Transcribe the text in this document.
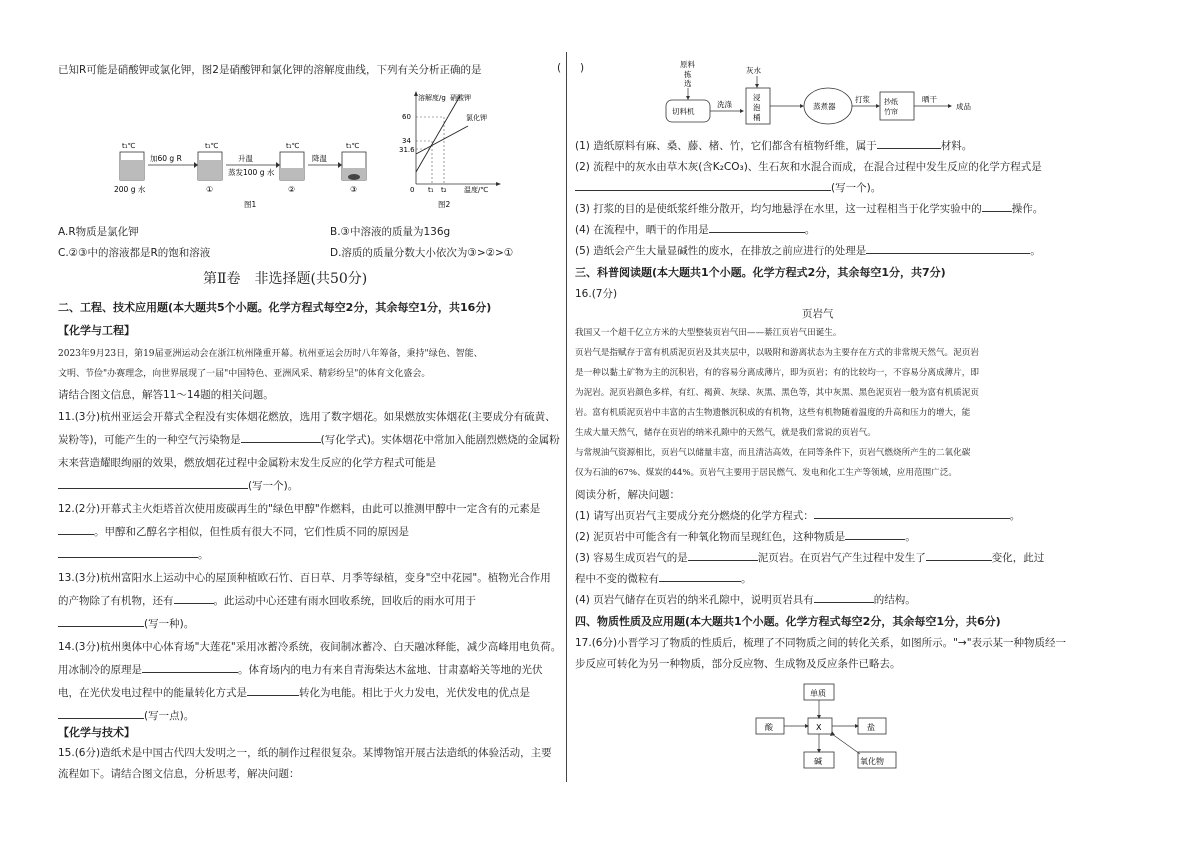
已知R可能是硝酸钾或氯化钾，图2是硝酸钾和氯化钾的溶解度曲线，下列有关分析正确的是	(
t₁℃	t₁℃	t₁℃	t₁℃
加60 g R	升温
蒸发100 g 水
降温
200 g 水	①	②	③
图1
溶解度/g
60
34
31.6
硝酸钾
氯化钾
0 t₁ t₂ 温度/℃
图2
A.R物质是氯化钾	B.③中溶液的质量为136g
C.②③中的溶液都是R的饱和溶液	D.溶质的质量分数大小依次为③>②>①
第Ⅱ卷　非选择题(共50分)
二、工程、技术应用题(本大题共5个小题。化学方程式每空2分，其余每空1分，共16分)
【化学与工程】
2023年9月23日，第19届亚洲运动会在浙江杭州隆重开幕。杭州亚运会历时八年筹备，秉持"绿色、智能、
文明、节俭"办赛理念，向世界展现了一届"中国特色、亚洲风采、精彩纷呈"的体育文化盛会。
请结合图文信息，解答11～14题的相关问题。
11.(3分)杭州亚运会开幕式全程没有实体烟花燃放，选用了数字烟花。如果燃放实体烟花(主要成分有硫黄、
炭粉等)，可能产生的一种空气污染物是	(写化学式)。实体烟花中常加入能剧烈燃烧的金属粉
末来营造耀眼绚丽的效果，燃放烟花过程中金属粉末发生反应的化学方程式可能是
(写一个)。
12.(2分)开幕式主火炬塔首次使用废碳再生的"绿色甲醇"作燃料，由此可以推测甲醇中一定含有的元素是
。甲醇和乙醇名字相似，但性质有很大不同，它们性质不同的原因是
。
13.(3分)杭州富阳水上运动中心的屋顶种植欧石竹、百日草、月季等绿植，变身"空中花园"。植物光合作用
的产物除了有机物，还有	。此运动中心还建有雨水回收系统，回收后的雨水可用于
(写一种)。
14.(3分)杭州奥体中心体育场"大莲花"采用冰蓄冷系统，夜间制冰蓄冷、白天融冰释能，减少高峰用电负荷。
用冰制冷的原理是	。体育场内的电力有来自青海柴达木盆地、甘肃嘉峪关等地的光伏
电，在光伏发电过程中的能量转化方式是	转化为电能。相比于火力发电，光伏发电的优点是
(写一点)。
【化学与技术】
15.(6分)造纸术是中国古代四大发明之一，纸的制作过程很复杂。某博物馆开展古法造纸的体验活动，主要
流程如下。请结合图文信息，分析思考，解决问题：
)	原料
拣
选
切料机
洗涤
灰水
浸
泡
桶
蒸煮器
打浆 抄纸
竹帘
晒干
成品
(1) 造纸原料有麻、桑、藤、楮、竹，它们都含有植物纤维，属于	材料。
(2) 流程中的灰水由草木灰(含K₂CO₃)、生石灰和水混合而成，在混合过程中发生反应的化学方程式是
(写一个)。
(3) 打浆的目的是使纸浆纤维分散开，均匀地悬浮在水里，这一过程相当于化学实验中的	操作。
(4) 在流程中，晒干的作用是	。
(5) 造纸会产生大量显碱性的废水，在排放之前应进行的处理是	。
三、科普阅读题(本大题共1个小题。化学方程式2分，其余每空1分，共7分)
16.(7分)
页岩气
我国又一个超千亿立方米的大型整装页岩气田——綦江页岩气田诞生。
页岩气是指赋存于富有机质泥页岩及其夹层中，以吸附和游离状态为主要存在方式的非常规天然气。泥页岩
是一种以黏土矿物为主的沉积岩，有的容易分离成薄片，即为页岩；有的比较均一，不容易分离成薄片，即
为泥岩。泥页岩颜色多样，有红、褐黄、灰绿、灰黑、黑色等，其中灰黑、黑色泥页岩一般为富有机质泥页
岩。富有机质泥页岩中丰富的古生物遗骸沉积成的有机物，这些有机物随着温度的升高和压力的增大，能
生成大量天然气，储存在页岩的纳米孔隙中的天然气，就是我们常说的页岩气。
与常规油气资源相比，页岩气以储量丰富，而且清洁高效，在同等条件下，页岩气燃烧所产生的二氧化碳
仅为石油的67%、煤炭的44%。页岩气主要用于居民燃气、发电和化工生产等领域，应用范围广泛。
阅读分析，解决问题：
(1) 请写出页岩气主要成分充分燃烧的化学方程式：	。
(2) 泥页岩中可能含有一种氧化物而呈现红色，这种物质是	。
(3) 容易生成页岩气的是	泥页岩。在页岩气产生过程中发生了	变化，此过
程中不变的微粒有	。
(4) 页岩气储存在页岩的纳米孔隙中，说明页岩具有	的结构。
四、物质性质及应用题(本大题共1个小题。化学方程式每空2分，其余每空1分，共6分)
17.(6分)小晋学习了物质的性质后，梳理了不同物质之间的转化关系，如图所示。"→"表示某一种物质经一
步反应可转化为另一种物质，部分反应物、生成物及反应条件已略去。
单质
酸	X	盐
碱	氧化物
